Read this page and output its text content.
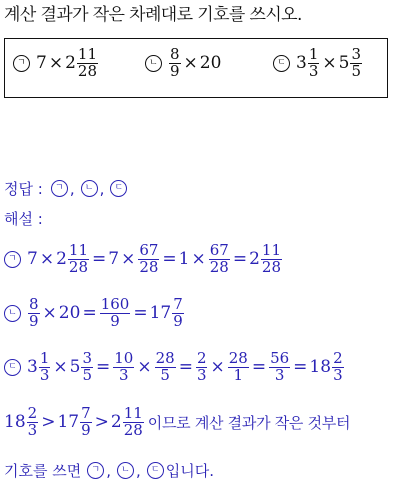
계산 결과가 작은 차례대로 기호를 쓰시오.
ㄱ $7 \times 2 \frac{11}{28}$	ㄴ $\frac{8}{9} \times 20$	ㄷ $3 \frac{1}{3} \times 5 \frac{3}{5}$
정답 :	ㄱ ,	ㄴ ,	ㄷ
해설 :
ㄱ $7 \times 2 \frac{11}{28} = 7 \times \frac{67}{28} = 1 \times \frac{67}{28} = 2 \frac{11}{28}$
ㄴ $\frac{8}{9} \times 20 = \frac{160}{9} = 17 \frac{7}{9}$
ㄷ $3 \frac{1}{3} \times 5 \frac{3}{5} = \frac{10}{3} \times \frac{28}{5} = \frac{2}{3} \times \frac{28}{1} = \frac{56}{3} = 18 \frac{2}{3}$
$18 \frac{2}{3} > 17 \frac{7}{9} > 2 \frac{11}{28}$ 이므로 계산 결과가 작은 것부터
기호를 쓰면	ㄱ ,	ㄴ ,	ㄷ 입니다.
